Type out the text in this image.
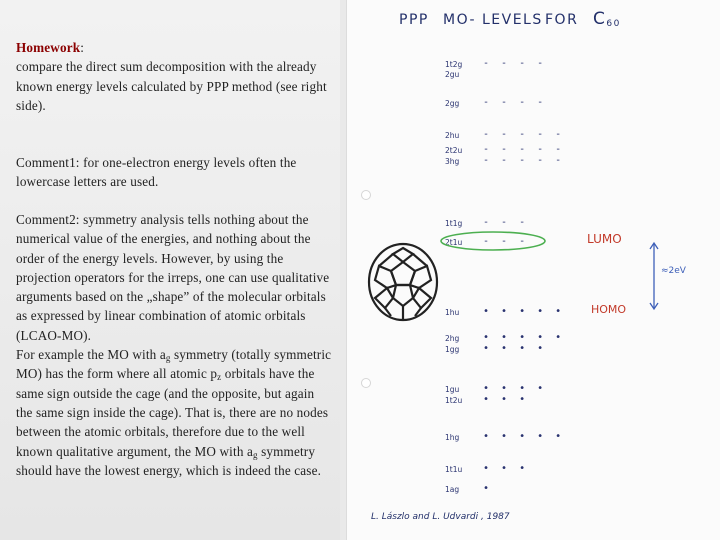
Homework:
compare the direct sum decomposition with the already known energy levels calculated by PPP method (see right side).
Comment1: for one-electron energy levels often the lowercase letters are used.
Comment2: symmetry analysis tells nothing about the numerical value of the energies, and nothing about the order of the energy levels. However, by using the projection operators for the irreps, one can use qualitative arguments based on the „shape” of the molecular orbitals as expressed by linear combination of atomic orbitals (LCAO-MO).
For example the MO with $a_g$ symmetry (totally symmetric MO) has the form where all atomic $p_z$ orbitals have the same sign outside the cage (and the opposite, but again the same sign inside the cage). That is, there are no nodes between the atomic orbitals, therefore due to the well known qualitative argument, the MO with $a_g$ symmetry should have the lowest energy, which is indeed the case.
PPP MO- LEVELS FOR $C_{60}$
1t2g - - - -
2gu
2gg - - - -
2hu - - - - -
2t2u - - - - -
3hg - - - - -
1t1g - - -
2t1u - - -
1hu • • • • •
2hg • • • • •
1gg • • • •
1gu • • • •
1t2u • • •
1hg • • • • •
1t1u • • •
1ag •
LUMO
HOMO
≈2eV
L. Lászlo and L. Udvardi , 1987
